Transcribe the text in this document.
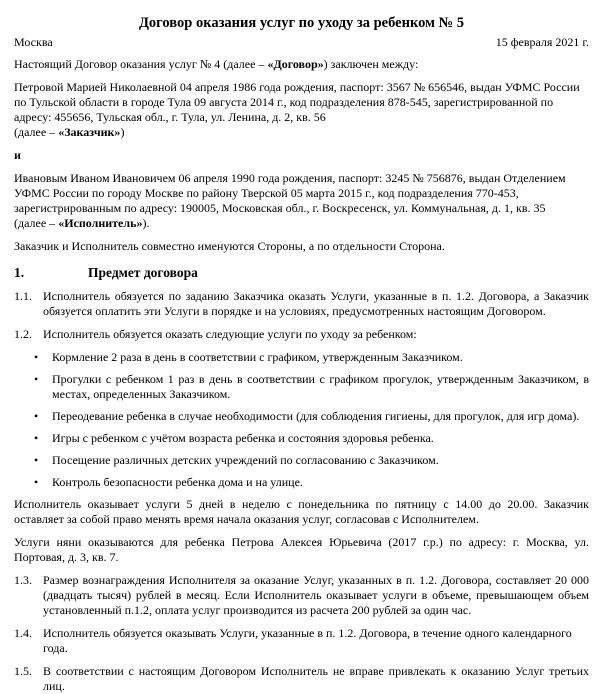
Договор оказания услуг по уходу за ребенком № 5
Москва	15 февраля 2021 г.
Настоящий Договор оказания услуг № 4 (далее – «Договор») заключен между:
Петровой Марией Николаевной 04 апреля 1986 года рождения, паспорт: 3567 № 656546, выдан УФМС России по Тульской области в городе Тула 09 августа 2014 г., код подразделения 878-545, зарегистрированной по адресу: 455656, Тульская обл., г. Тула, ул. Ленина, д. 2, кв. 56
(далее – «Заказчик»)
и
Ивановым Иваном Ивановичем 06 апреля 1990 года рождения, паспорт: 3245 № 756876, выдан Отделением УФМС России по городу Москве по району Тверской 05 марта 2015 г., код подразделения 770-453, зарегистрированным по адресу: 190005, Московская обл., г. Воскресенск, ул. Коммунальная, д. 1, кв. 35
(далее – «Исполнитель»).
Заказчик и Исполнитель совместно именуются Стороны, а по отдельности Сторона.
1.	Предмет договора
1.1. Исполнитель обязуется по заданию Заказчика оказать Услуги, указанные в п. 1.2. Договора, а Заказчик обязуется оплатить эти Услуги в порядке и на условиях, предусмотренных настоящим Договором.
1.2. Исполнитель обязуется оказать следующие услуги по уходу за ребенком:
• Кормление 2 раза в день в соответствии с графиком, утвержденным Заказчиком.
• Прогулки с ребенком 1 раз в день в соответствии с графиком прогулок, утвержденным Заказчиком, в местах, определенных Заказчиком.
• Переодевание ребенка в случае необходимости (для соблюдения гигиены, для прогулок, для игр дома).
• Игры с ребенком с учётом возраста ребенка и состояния здоровья ребенка.
• Посещение различных детских учреждений по согласованию с Заказчиком.
• Контроль безопасности ребенка дома и на улице.
Исполнитель оказывает услуги 5 дней в неделю с понедельника по пятницу с 14.00 до 20.00. Заказчик оставляет за собой право менять время начала оказания услуг, согласовав с Исполнителем.
Услуги няни оказываются для ребенка Петрова Алексея Юрьевича (2017 г.р.) по адресу: г. Москва, ул. Портовая, д. 3, кв. 7.
1.3. Размер вознаграждения Исполнителя за оказание Услуг, указанных в п. 1.2. Договора, составляет 20 000 (двадцать тысяч) рублей в месяц. Если Исполнитель оказывает услуги в объеме, превышающем объем установленный п.1.2, оплата услуг производится из расчета 200 рублей за один час.
1.4. Исполнитель обязуется оказывать Услуги, указанные в п. 1.2. Договора, в течение одного календарного года.
1.5. В соответствии с настоящим Договором Исполнитель не вправе привлекать к оказанию Услуг третьих лиц.
